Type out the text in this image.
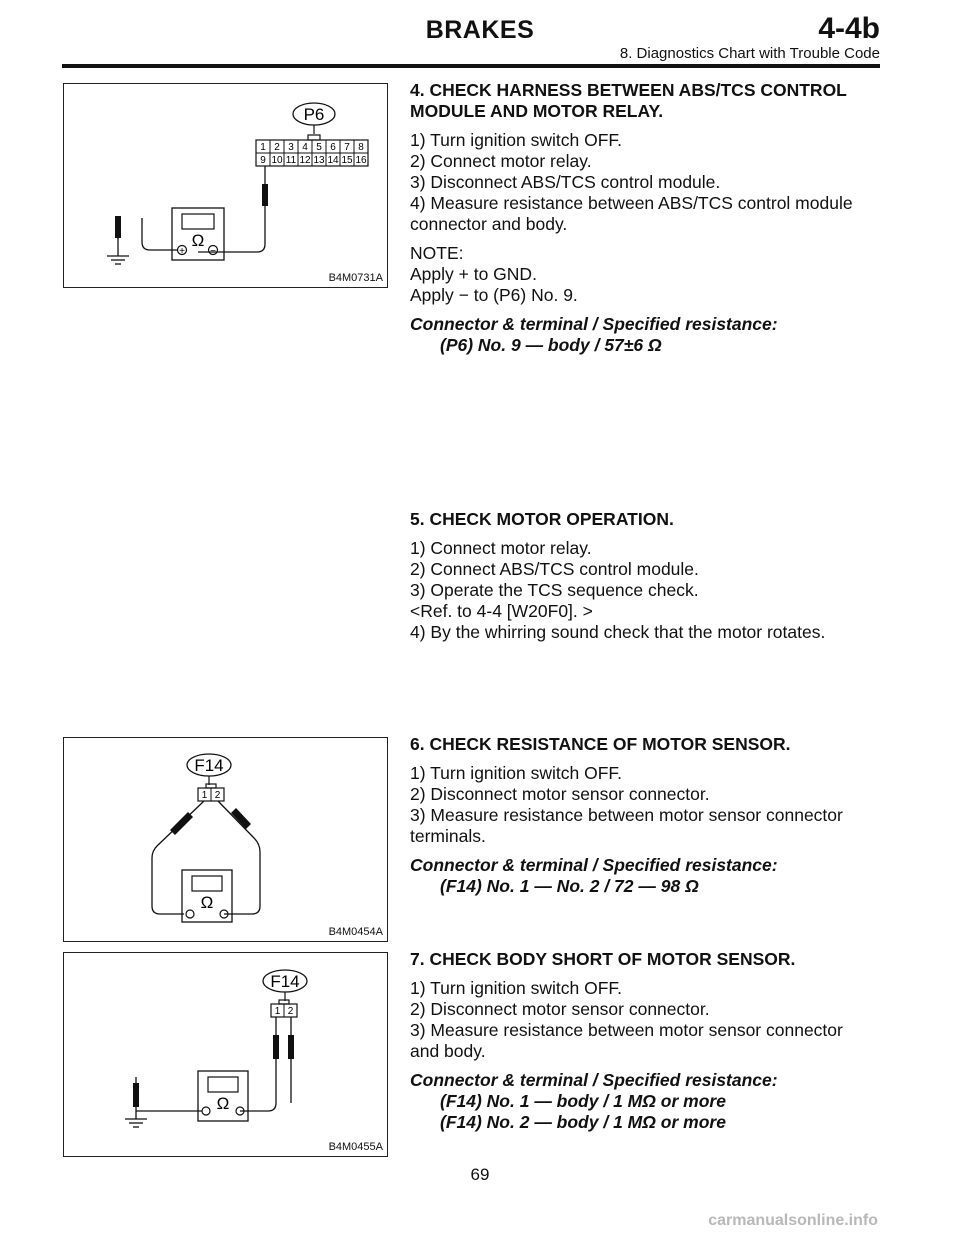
BRAKES	4-4b
8. Diagnostics Chart with Trouble Code
P6
1 2 3 4 5 6 7 8
9 10 11 12 13 14 15 16
Ω
+	−
B4M0731A
4. CHECK HARNESS BETWEEN ABS/TCS CONTROL
MODULE AND MOTOR RELAY.
1) Turn ignition switch OFF.
2) Connect motor relay.
3) Disconnect ABS/TCS control module.
4) Measure resistance between ABS/TCS control module
connector and body.
NOTE:
Apply + to GND.
Apply − to (P6) No. 9.
Connector & terminal / Specified resistance:
(P6) No. 9 — body / 57±6 Ω
5. CHECK MOTOR OPERATION.
1) Connect motor relay.
2) Connect ABS/TCS control module.
3) Operate the TCS sequence check.
<Ref. to 4-4 [W20F0]. >
4) By the whirring sound check that the motor rotates.
F14
1 2
Ω
B4M0454A
6. CHECK RESISTANCE OF MOTOR SENSOR.
1) Turn ignition switch OFF.
2) Disconnect motor sensor connector.
3) Measure resistance between motor sensor connector
terminals.
Connector & terminal / Specified resistance:
(F14) No. 1 — No. 2 / 72 — 98 Ω
F14
1 2
Ω
B4M0455A
7. CHECK BODY SHORT OF MOTOR SENSOR.
1) Turn ignition switch OFF.
2) Disconnect motor sensor connector.
3) Measure resistance between motor sensor connector
and body.
Connector & terminal / Specified resistance:
(F14) No. 1 — body / 1 MΩ or more
(F14) No. 2 — body / 1 MΩ or more
69
carmanualsonline.info
